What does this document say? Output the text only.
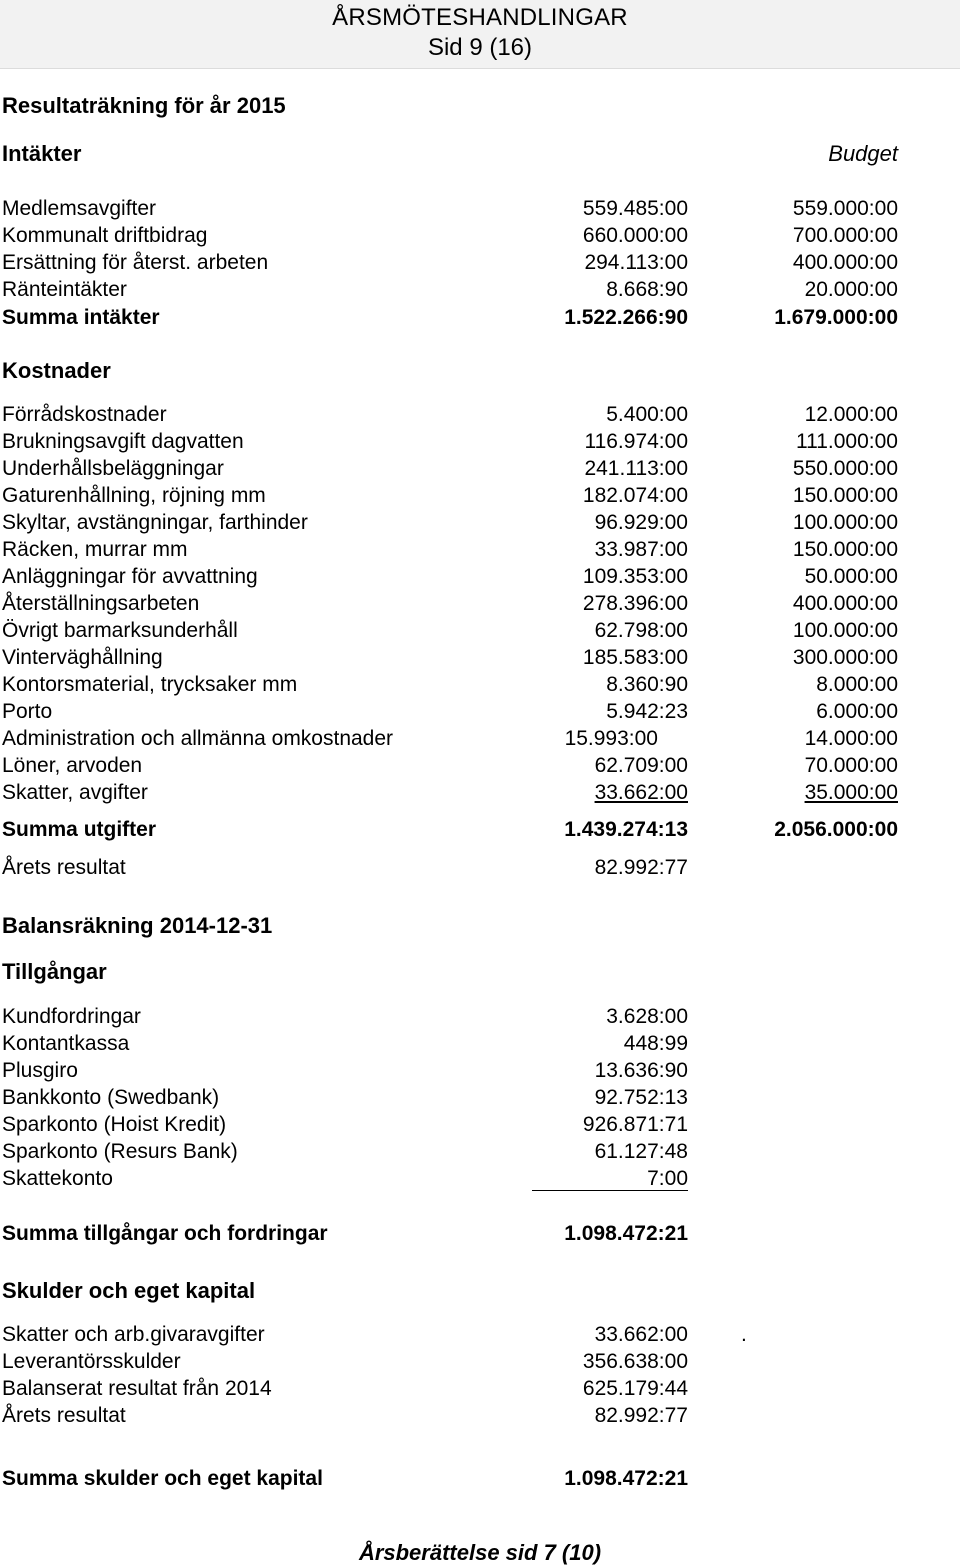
ÅRSMÖTESHANDLINGAR
Sid 9 (16)
Resultaträkning för år 2015
Intäkter	Budget
Medlemsavgifter	559.485:00	559.000:00
Kommunalt driftbidrag	660.000:00	700.000:00
Ersättning för återst. arbeten	294.113:00	400.000:00
Ränteintäkter	8.668:90	20.000:00
Summa intäkter	1.522.266:90	1.679.000:00
Kostnader
Förrådskostnader	5.400:00	12.000:00
Brukningsavgift dagvatten	116.974:00	111.000:00
Underhållsbeläggningar	241.113:00	550.000:00
Gaturenhållning, röjning mm	182.074:00	150.000:00
Skyltar, avstängningar, farthinder	96.929:00	100.000:00
Räcken, murrar mm	33.987:00	150.000:00
Anläggningar för avvattning	109.353:00	50.000:00
Återställningsarbeten	278.396:00	400.000:00
Övrigt barmarksunderhåll	62.798:00	100.000:00
Vinterväghållning	185.583:00	300.000:00
Kontorsmaterial, trycksaker mm	8.360:90	8.000:00
Porto	5.942:23	6.000:00
Administration och allmänna omkostnader	15.993:00	14.000:00
Löner, arvoden	62.709:00	70.000:00
Skatter, avgifter	33.662:00	35.000:00
Summa utgifter	1.439.274:13	2.056.000:00
Årets resultat	82.992:77
Balansräkning 2014-12-31
Tillgångar
Kundfordringar	3.628:00
Kontantkassa	448:99
Plusgiro	13.636:90
Bankkonto (Swedbank)	92.752:13
Sparkonto (Hoist Kredit)	926.871:71
Sparkonto (Resurs Bank)	61.127:48
Skattekonto	7:00
Summa tillgångar och fordringar	1.098.472:21
Skulder och eget kapital
Skatter och arb.givaravgifter	33.662:00	.
Leverantörsskulder	356.638:00
Balanserat resultat från 2014	625.179:44
Årets resultat	82.992:77
Summa skulder och eget kapital	1.098.472:21
Årsberättelse sid 7 (10)
